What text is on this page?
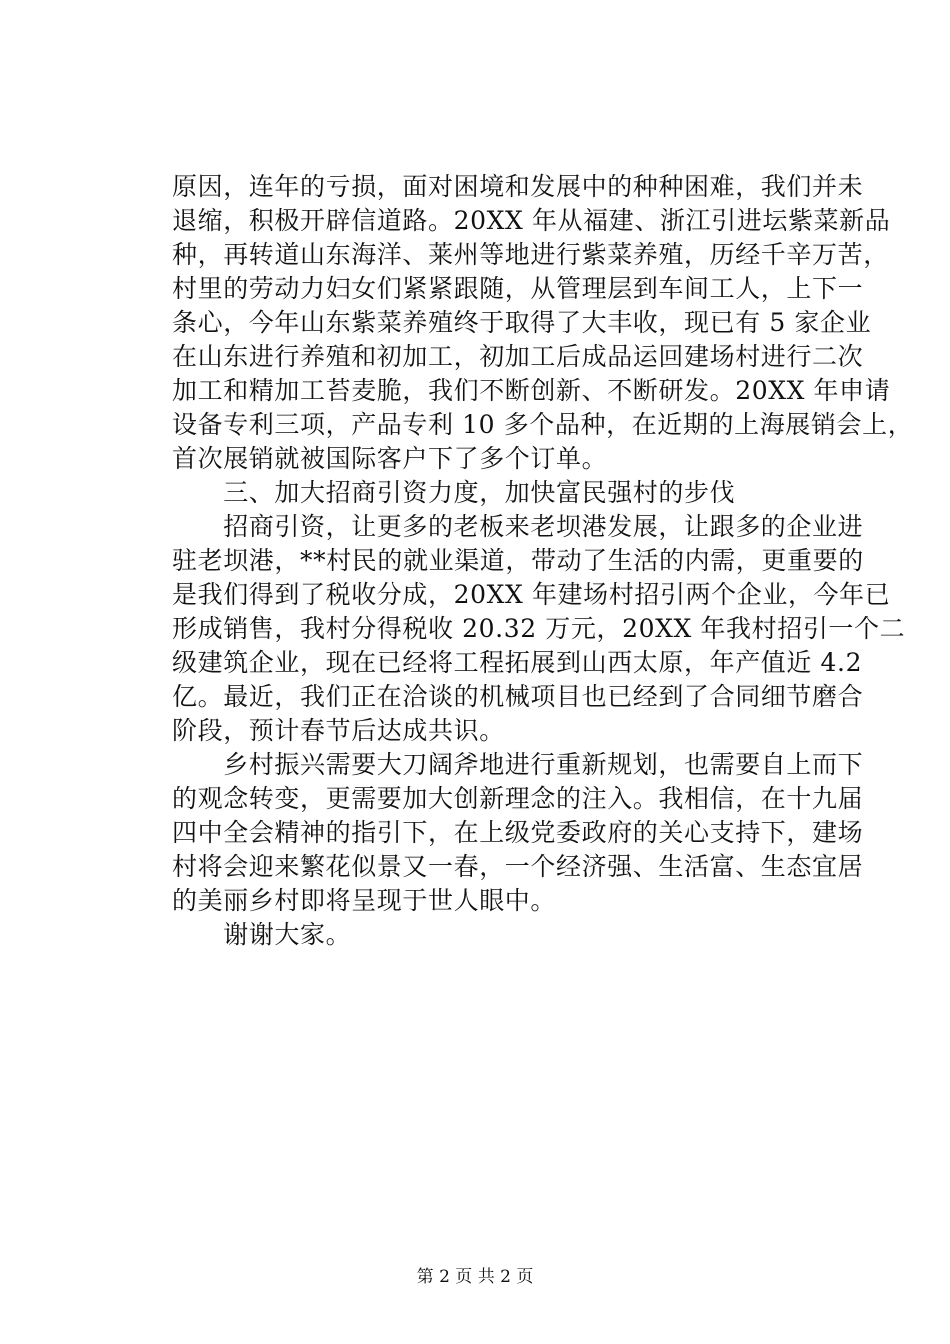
原因，连年的亏损，面对困境和发展中的种种困难，我们并未
退缩，积极开辟信道路。20XX 年从福建、浙江引进坛紫菜新品
种，再转道山东海洋、莱州等地进行紫菜养殖，历经千辛万苦，
村里的劳动力妇女们紧紧跟随，从管理层到车间工人，上下一
条心，今年山东紫菜养殖终于取得了大丰收，现已有 5 家企业
在山东进行养殖和初加工，初加工后成品运回建场村进行二次
加工和精加工苔麦脆，我们不断创新、不断研发。20XX 年申请
设备专利三项，产品专利 10 多个品种，在近期的上海展销会上，
首次展销就被国际客户下了多个订单。
　　三、加大招商引资力度，加快富民强村的步伐
　　招商引资，让更多的老板来老坝港发展，让跟多的企业进
驻老坝港，**村民的就业渠道，带动了生活的内需，更重要的
是我们得到了税收分成，20XX 年建场村招引两个企业，今年已
形成销售，我村分得税收 20.32 万元，20XX 年我村招引一个二
级建筑企业，现在已经将工程拓展到山西太原，年产值近 4.2
亿。最近，我们正在洽谈的机械项目也已经到了合同细节磨合
阶段，预计春节后达成共识。
　　乡村振兴需要大刀阔斧地进行重新规划，也需要自上而下
的观念转变，更需要加大创新理念的注入。我相信，在十九届
四中全会精神的指引下，在上级党委政府的关心支持下，建场
村将会迎来繁花似景又一春，一个经济强、生活富、生态宜居
的美丽乡村即将呈现于世人眼中。
　　谢谢大家。
第 2 页 共 2 页
